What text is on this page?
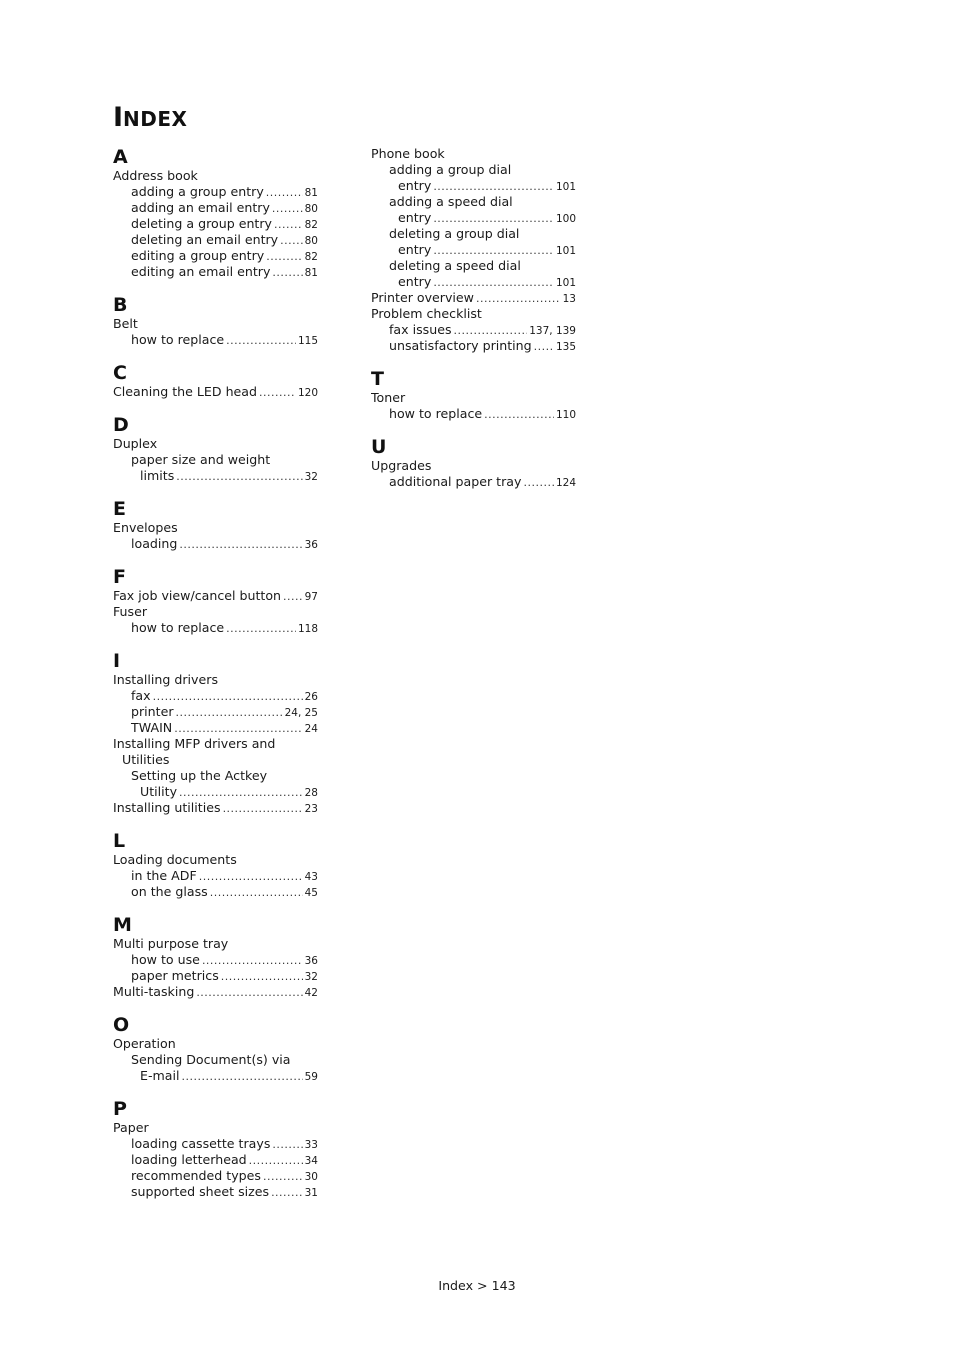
INDEX
A
Address book
adding a group entry .....	81
adding an email entry .....	80
deleting a group entry .....	82
deleting an email entry .....	80
editing a group entry .....	82
editing an email entry .....	81
B
Belt
how to replace .....	115
C
Cleaning the LED head .....	120
D
Duplex
paper size and weight
limits .....	32
E
Envelopes
loading .....	36
F
Fax job view/cancel button ..... 97
Fuser
how to replace .....	118
I
Installing drivers
fax .....	26
printer .....	24, 25
TWAIN .....	24
Installing MFP drivers and
Utilities
Setting up the Actkey
Utility .....	28
Installing utilities .....	23
L
Loading documents
in the ADF .....	43
on the glass .....	45
M
Multi purpose tray
how to use .....	36
paper metrics .....	32
Multi-tasking .....	42
O
Operation
Sending Document(s) via
E-mail .....	59
P
Paper
loading cassette trays .....	33
loading letterhead .....	34
recommended types .....	30
supported sheet sizes .....	31
Phone book
adding a group dial
entry .....	101
adding a speed dial
entry .....	100
deleting a group dial
entry .....	101
deleting a speed dial
entry .....	101
Printer overview .....	13
Problem checklist
fax issues .....	137, 139
unsatisfactory printing ..... 135
T
Toner
how to replace .....	110
U
Upgrades
additional paper tray .....	124
Index > 143
